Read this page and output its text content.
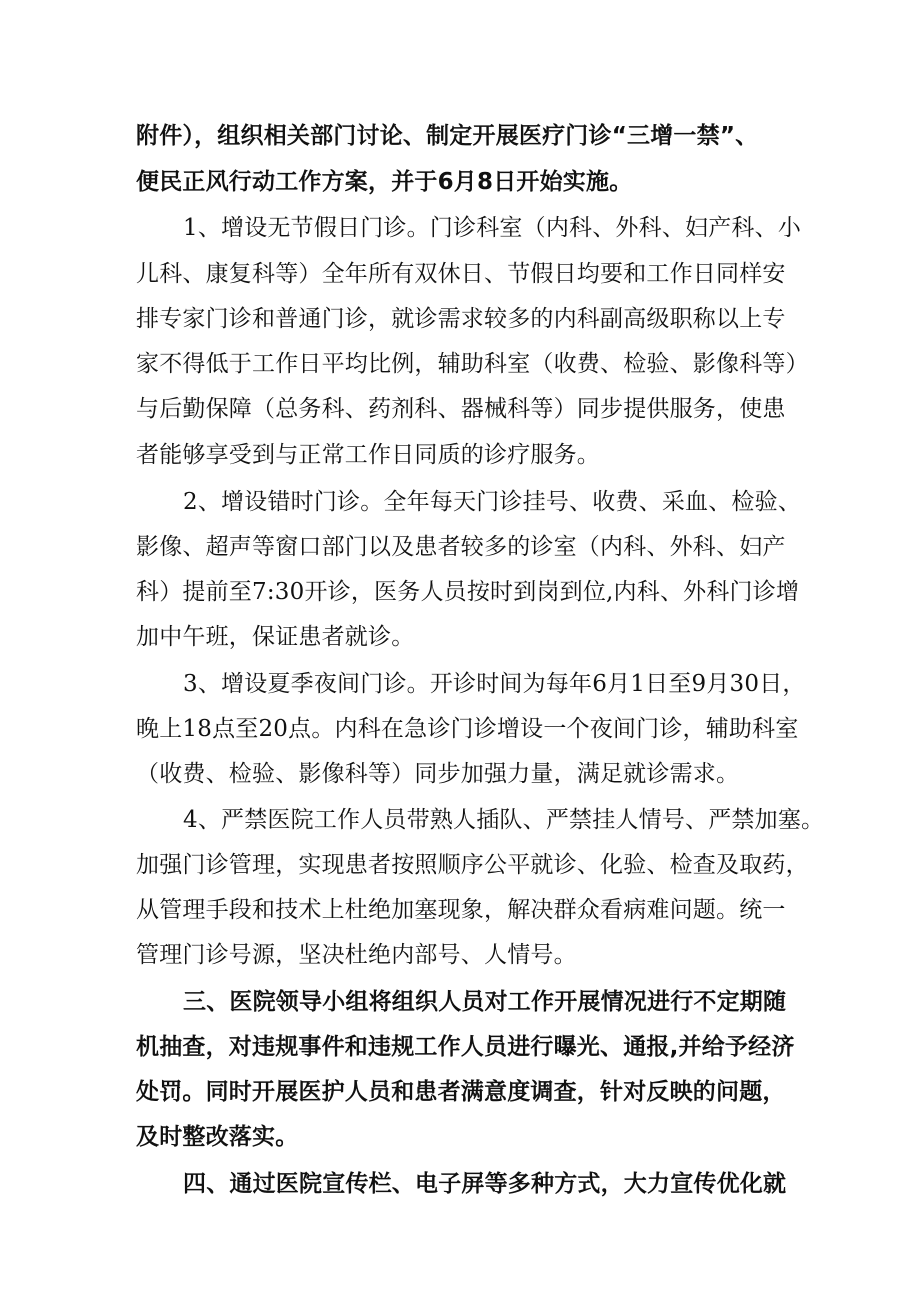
附件），组织相关部门讨论、制定开展医疗门诊“三增一禁”、

便民正风行动工作方案，并于6月8日开始实施。

1、增设无节假日门诊。门诊科室（内科、外科、妇产科、小

儿科、康复科等）全年所有双休日、节假日均要和工作日同样安

排专家门诊和普通门诊，就诊需求较多的内科副高级职称以上专

家不得低于工作日平均比例，辅助科室（收费、检验、影像科等）

与后勤保障（总务科、药剂科、器械科等）同步提供服务，使患

者能够享受到与正常工作日同质的诊疗服务。

2、增设错时门诊。全年每天门诊挂号、收费、采血、检验、

影像、超声等窗口部门以及患者较多的诊室（内科、外科、妇产

科）提前至7:30开诊，医务人员按时到岗到位,内科、外科门诊增

加中午班，保证患者就诊。

3、增设夏季夜间门诊。开诊时间为每年6月1日至9月30日，

晚上18点至20点。内科在急诊门诊增设一个夜间门诊，辅助科室

（收费、检验、影像科等）同步加强力量，满足就诊需求。

4、严禁医院工作人员带熟人插队、严禁挂人情号、严禁加塞。

加强门诊管理，实现患者按照顺序公平就诊、化验、检查及取药，

从管理手段和技术上杜绝加塞现象，解决群众看病难问题。统一

管理门诊号源，坚决杜绝内部号、人情号。

三、医院领导小组将组织人员对工作开展情况进行不定期随

机抽查，对违规事件和违规工作人员进行曝光、通报,并给予经济

处罚。同时开展医护人员和患者满意度调查，针对反映的问题，

及时整改落实。

四、通过医院宣传栏、电子屏等多种方式，大力宣传优化就
